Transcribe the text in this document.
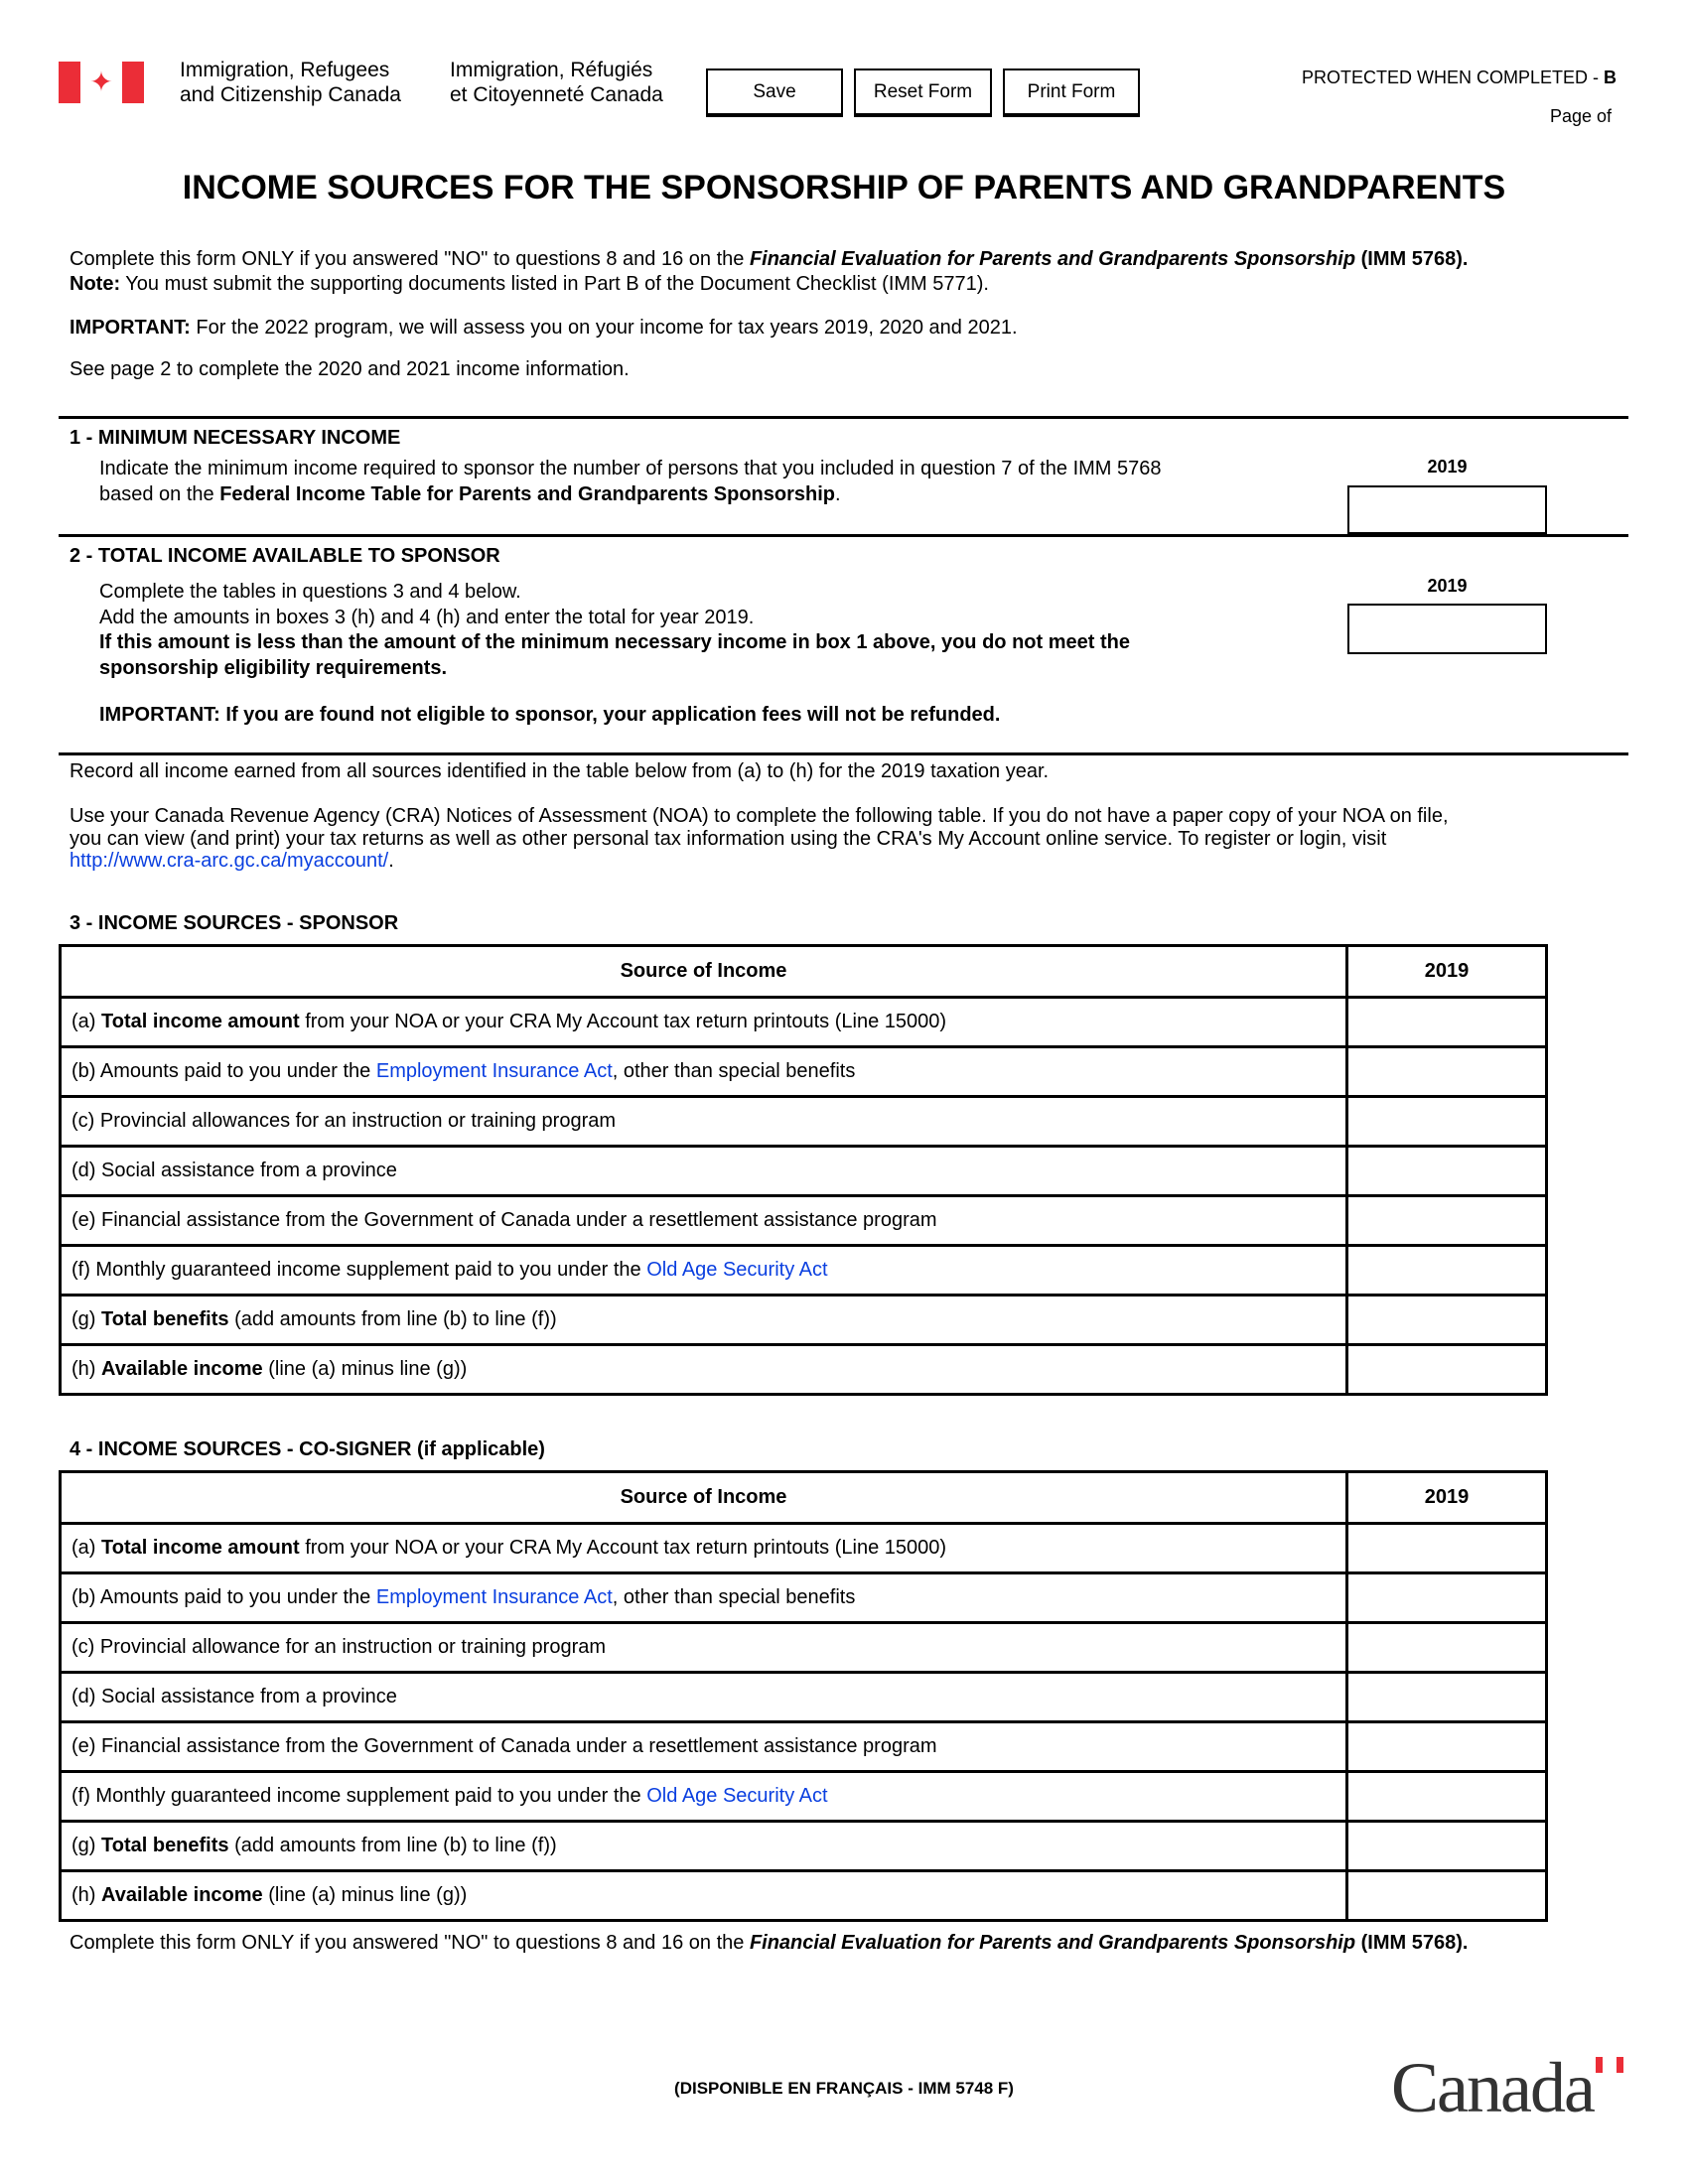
✦	Immigration, Refugees
and Citizenship Canada
Immigration, Réfugiés
et Citoyenneté Canada	Save	Reset Form	Print Form
PROTECTED WHEN COMPLETED - B
Page of
INCOME SOURCES FOR THE SPONSORSHIP OF PARENTS AND GRANDPARENTS
Complete this form ONLY if you answered "NO" to questions 8 and 16 on the Financial Evaluation for Parents and Grandparents Sponsorship (IMM 5768).
Note: You must submit the supporting documents listed in Part B of the Document Checklist (IMM 5771).
IMPORTANT: For the 2022 program, we will assess you on your income for tax years 2019, 2020 and 2021.
See page 2 to complete the 2020 and 2021 income information.
1 - MINIMUM NECESSARY INCOME
Indicate the minimum income required to sponsor the number of persons that you included in question 7 of the IMM 5768
based on the Federal Income Table for Parents and Grandparents Sponsorship.
2019
2 - TOTAL INCOME AVAILABLE TO SPONSOR
Complete the tables in questions 3 and 4 below.
Add the amounts in boxes 3 (h) and 4 (h) and enter the total for year 2019.
If this amount is less than the amount of the minimum necessary income in box 1 above, you do not meet the
sponsorship eligibility requirements.
IMPORTANT: If you are found not eligible to sponsor, your application fees will not be refunded.
2019
Record all income earned from all sources identified in the table below from (a) to (h) for the 2019 taxation year.
Use your Canada Revenue Agency (CRA) Notices of Assessment (NOA) to complete the following table. If you do not have a paper copy of your NOA on file,
you can view (and print) your tax returns as well as other personal tax information using the CRA's My Account online service. To register or login, visit
http://www.cra-arc.gc.ca/myaccount/.
3 - INCOME SOURCES - SPONSOR
Source of Income	2019
(a) Total income amount from your NOA or your CRA My Account tax return printouts (Line 15000)	
(b) Amounts paid to you under the Employment Insurance Act, other than special benefits	
(c) Provincial allowances for an instruction or training program	
(d) Social assistance from a province	
(e) Financial assistance from the Government of Canada under a resettlement assistance program	
(f) Monthly guaranteed income supplement paid to you under the Old Age Security Act	
(g) Total benefits (add amounts from line (b) to line (f))	
(h) Available income (line (a) minus line (g))	
4 - INCOME SOURCES - CO-SIGNER (if applicable)
Source of Income	2019
(a) Total income amount from your NOA or your CRA My Account tax return printouts (Line 15000)	
(b) Amounts paid to you under the Employment Insurance Act, other than special benefits	
(c) Provincial allowance for an instruction or training program	
(d) Social assistance from a province	
(e) Financial assistance from the Government of Canada under a resettlement assistance program	
(f) Monthly guaranteed income supplement paid to you under the Old Age Security Act	
(g) Total benefits (add amounts from line (b) to line (f))	
(h) Available income (line (a) minus line (g))	
Complete this form ONLY if you answered "NO" to questions 8 and 16 on the Financial Evaluation for Parents and Grandparents Sponsorship (IMM 5768).
(DISPONIBLE EN FRANÇAIS - IMM 5748 F)	Canada
